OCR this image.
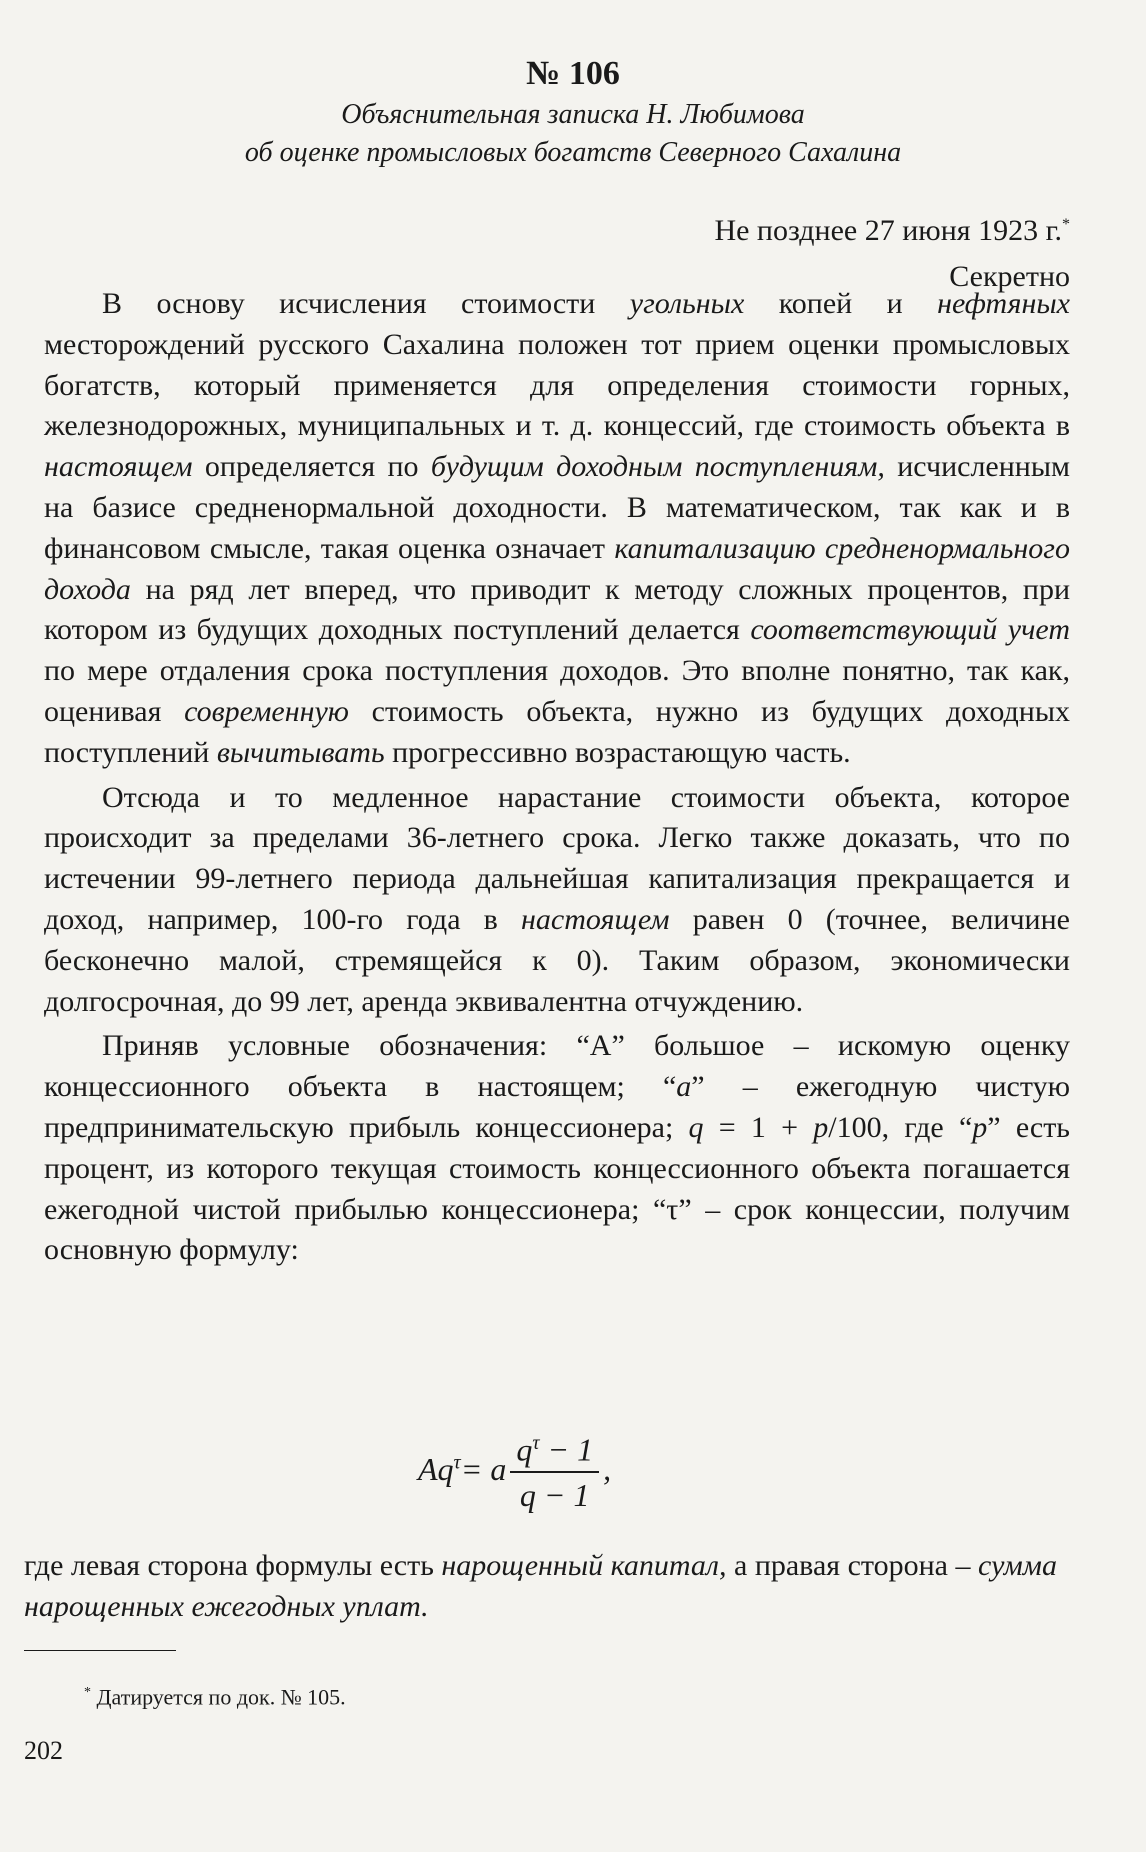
№ 106
Объяснительная записка Н. Любимова
об оценке промысловых богатств Северного Сахалина
Не позднее 27 июня 1923 г.*
Секретно

В основу исчисления стоимости угольных копей и нефтяных месторождений русского Сахалина положен тот прием оценки промысловых богатств, который применяется для определения стоимости горных, железнодорожных, муниципальных и т. д. концессий, где стоимость объекта в настоящем определяется по будущим доходным поступлениям, исчисленным на базисе средненормальной доходности. В математическом, так как и в финансовом смысле, такая оценка означает капитализацию средненормального дохода на ряд лет вперед, что приводит к методу сложных процентов, при котором из будущих доходных поступлений делается соответствующий учет по мере отдаления срока поступления доходов. Это вполне понятно, так как, оценивая современную стоимость объекта, нужно из будущих доходных поступлений вычитывать прогрессивно возрастающую часть.

Отсюда и то медленное нарастание стоимости объекта, которое происходит за пределами 36-летнего срока. Легко также доказать, что по истечении 99-летнего периода дальнейшая капитализация прекращается и доход, например, 100-го года в настоящем равен 0 (точнее, величине бесконечно малой, стремящейся к 0). Таким образом, экономически долгосрочная, до 99 лет, аренда эквивалентна отчуждению.

Приняв условные обозначения: “А” большое – искомую оценку концессионного объекта в настоящем; “a” – ежегодную чистую предпринимательскую прибыль концессионера; q = 1 + p/100, где “p” есть процент, из которого текущая стоимость концессионного объекта погашается ежегодной чистой прибылью концессионера; “τ” – срок концессии, получим основную формулу:

$Aq^\tau = a \frac{q^\tau - 1}{q - 1}$ ,
где левая сторона формулы есть нарощенный капитал, а правая сторона – сумма нарощенных ежегодных уплат.
* Датируется по док. № 105.
202
